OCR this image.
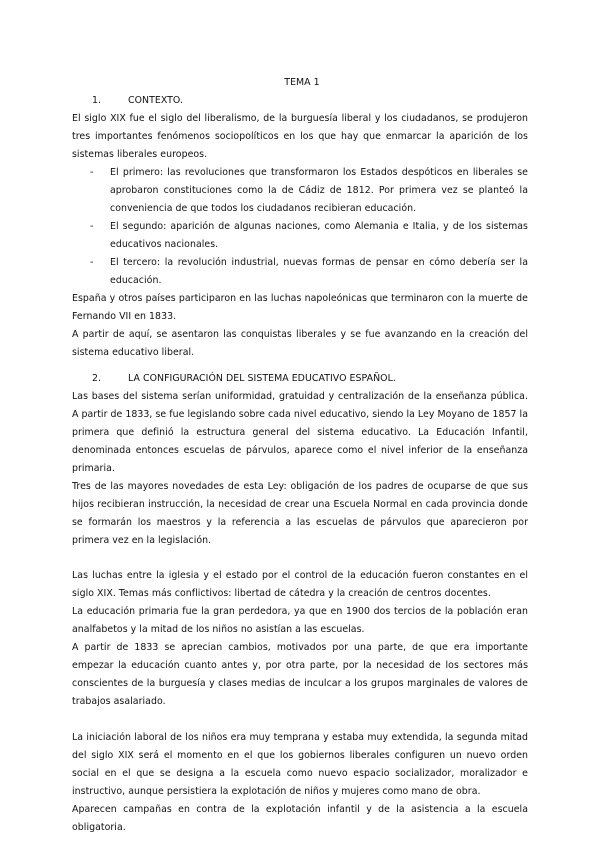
TEMA 1

1.	CONTEXTO.

El siglo XIX fue el siglo del liberalismo, de la burguesía liberal y los ciudadanos, se produjeron tres importantes fenómenos sociopolíticos en los que hay que enmarcar la aparición de los sistemas liberales europeos.

-	El primero: las revoluciones que transformaron los Estados despóticos en liberales se aprobaron constituciones como la de Cádiz de 1812. Por primera vez se planteó la conveniencia de que todos los ciudadanos recibieran educación.
-	El segundo: aparición de algunas naciones, como Alemania e Italia, y de los sistemas educativos nacionales.
-	El tercero: la revolución industrial, nuevas formas de pensar en cómo debería ser la educación.

España y otros países participaron en las luchas napoleónicas que terminaron con la muerte de Fernando VII en 1833.

A partir de aquí, se asentaron las conquistas liberales y se fue avanzando en la creación del sistema educativo liberal.

2.	LA CONFIGURACIÓN DEL SISTEMA EDUCATIVO ESPAÑOL.

Las bases del sistema serían uniformidad, gratuidad y centralización de la enseñanza pública. A partir de 1833, se fue legislando sobre cada nivel educativo, siendo la Ley Moyano de 1857 la primera que definió la estructura general del sistema educativo. La Educación Infantil, denominada entonces escuelas de párvulos, aparece como el nivel inferior de la enseñanza primaria.

Tres de las mayores novedades de esta Ley: obligación de los padres de ocuparse de que sus hijos recibieran instrucción, la necesidad de crear una Escuela Normal en cada provincia donde se formarán los maestros y la referencia a las escuelas de párvulos que aparecieron por primera vez en la legislación.

Las luchas entre la iglesia y el estado por el control de la educación fueron constantes en el siglo XIX. Temas más conflictivos: libertad de cátedra y la creación de centros docentes.

La educación primaria fue la gran perdedora, ya que en 1900 dos tercios de la población eran analfabetos y la mitad de los niños no asistían a las escuelas.

A partir de 1833 se aprecian cambios, motivados por una parte, de que era importante empezar la educación cuanto antes y, por otra parte, por la necesidad de los sectores más conscientes de la burguesía y clases medias de inculcar a los grupos marginales de valores de trabajos asalariado.

La iniciación laboral de los niños era muy temprana y estaba muy extendida, la segunda mitad del siglo XIX será el momento en el que los gobiernos liberales configuren un nuevo orden social en el que se designa a la escuela como nuevo espacio socializador, moralizador e instructivo, aunque persistiera la explotación de niños y mujeres como mano de obra.

Aparecen campañas en contra de la explotación infantil y de la asistencia a la escuela obligatoria.
